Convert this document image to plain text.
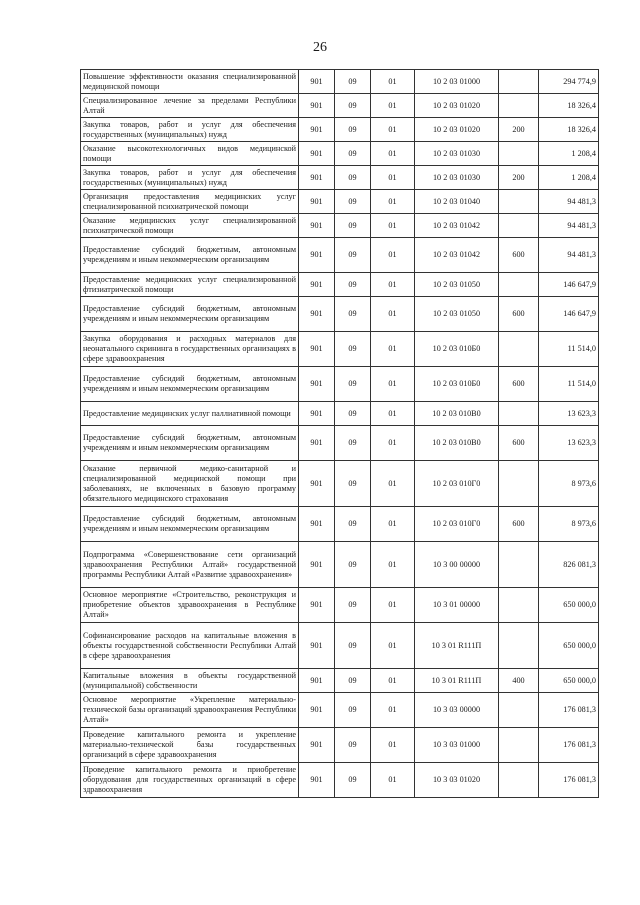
26
Повышение эффективности оказания специализированной медицинской помощи	901	09	01	10 2 03 01000		294 774,9
Специализированное лечение за пределами Республики Алтай	901	09	01	10 2 03 01020		18 326,4
Закупка товаров, работ и услуг для обеспечения государственных (муниципальных) нужд	901	09	01	10 2 03 01020	200	18 326,4
Оказание высокотехнологичных видов медицинской помощи	901	09	01	10 2 03 01030		1 208,4
Закупка товаров, работ и услуг для обеспечения государственных (муниципальных) нужд	901	09	01	10 2 03 01030	200	1 208,4
Организация предоставления медицинских услуг специализированной психиатрической помощи	901	09	01	10 2 03 01040		94 481,3
Оказание медицинских услуг специализированной психиатрической помощи	901	09	01	10 2 03 01042		94 481,3
Предоставление субсидий бюджетным, автономным учреждениям и иным некоммерческим организациям	901	09	01	10 2 03 01042	600	94 481,3
Предоставление медицинских услуг специализированной фтизиатрической помощи	901	09	01	10 2 03 01050		146 647,9
Предоставление субсидий бюджетным, автономным учреждениям и иным некоммерческим организациям	901	09	01	10 2 03 01050	600	146 647,9
Закупка оборудования и расходных материалов для неонатального скрининга в государственных организациях в сфере здравоохранения	901	09	01	10 2 03 010Б0		11 514,0
Предоставление субсидий бюджетным, автономным учреждениям и иным некоммерческим организациям	901	09	01	10 2 03 010Б0	600	11 514,0
Предоставление медицинских услуг паллиативной помощи	901	09	01	10 2 03 010В0		13 623,3
Предоставление субсидий бюджетным, автономным учреждениям и иным некоммерческим организациям	901	09	01	10 2 03 010В0	600	13 623,3
Оказание первичной медико-санитарной и специализированной медицинской помощи при заболеваниях, не включенных в базовую программу обязательного медицинского страхования	901	09	01	10 2 03 010Г0		8 973,6
Предоставление субсидий бюджетным, автономным учреждениям и иным некоммерческим организациям	901	09	01	10 2 03 010Г0	600	8 973,6
Подпрограмма «Совершенствование сети организаций здравоохранения Республики Алтай» государственной программы Республики Алтай «Развитие здравоохранения»	901	09	01	10 3 00 00000		826 081,3
Основное мероприятие «Строительство, реконструкция и приобретение объектов здравоохранения в Республике Алтай»	901	09	01	10 3 01 00000		650 000,0
Софинансирование расходов на капитальные вложения в объекты государственной собственности Республики Алтай в сфере здравоохранения	901	09	01	10 3 01 R111П		650 000,0
Капитальные вложения в объекты государственной (муниципальной) собственности	901	09	01	10 3 01 R111П	400	650 000,0
Основное мероприятие «Укрепление материально-технической базы организаций здравоохранения Республики Алтай»	901	09	01	10 3 03 00000		176 081,3
Проведение капитального ремонта и укрепление материально-технической базы государственных организаций в сфере здравоохранения	901	09	01	10 3 03 01000		176 081,3
Проведение капитального ремонта и приобретение оборудования для государственных организаций в сфере здравоохранения	901	09	01	10 3 03 01020		176 081,3
